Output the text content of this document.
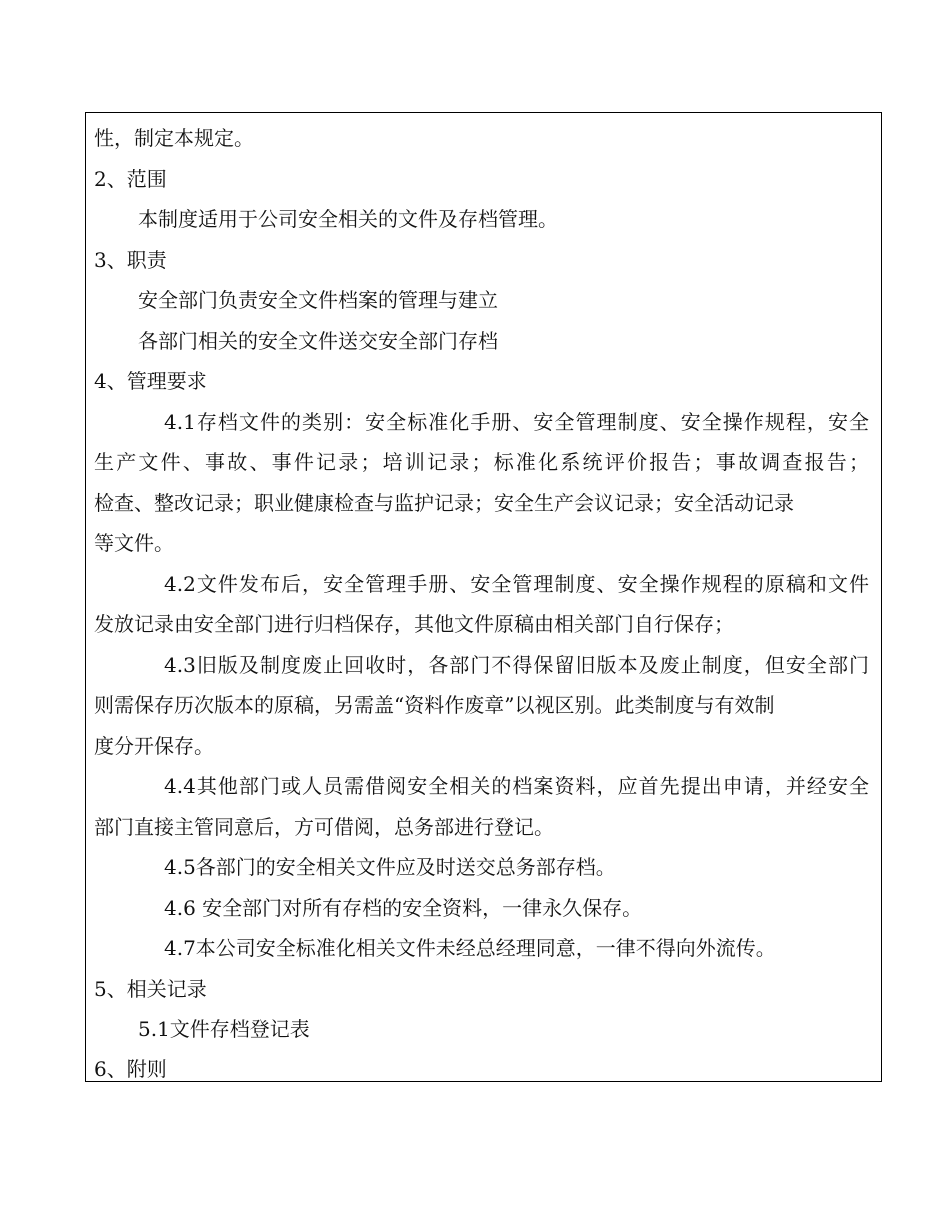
性，制定本规定。
2、范围
本制度适用于公司安全相关的文件及存档管理。
3、职责
安全部门负责安全文件档案的管理与建立
各部门相关的安全文件送交安全部门存档
4、管理要求
4.1存档文件的类别：安全标准化手册、安全管理制度、安全操作规程，安全
生产文件、事故、事件记录；培训记录；标准化系统评价报告；事故调查报告；
检查、整改记录；职业健康检查与监护记录；安全生产会议记录；安全活动记录
等文件。
4.2文件发布后，安全管理手册、安全管理制度、安全操作规程的原稿和文件
发放记录由安全部门进行归档保存，其他文件原稿由相关部门自行保存；
4.3旧版及制度废止回收时，各部门不得保留旧版本及废止制度，但安全部门
则需保存历次版本的原稿，另需盖“资料作废章”以视区别。此类制度与有效制
度分开保存。
4.4其他部门或人员需借阅安全相关的档案资料，应首先提出申请，并经安全
部门直接主管同意后，方可借阅，总务部进行登记。
4.5各部门的安全相关文件应及时送交总务部存档。
4.6 安全部门对所有存档的安全资料，一律永久保存。
4.7本公司安全标准化相关文件未经总经理同意，一律不得向外流传。
5、相关记录
5.1文件存档登记表
6、附则
